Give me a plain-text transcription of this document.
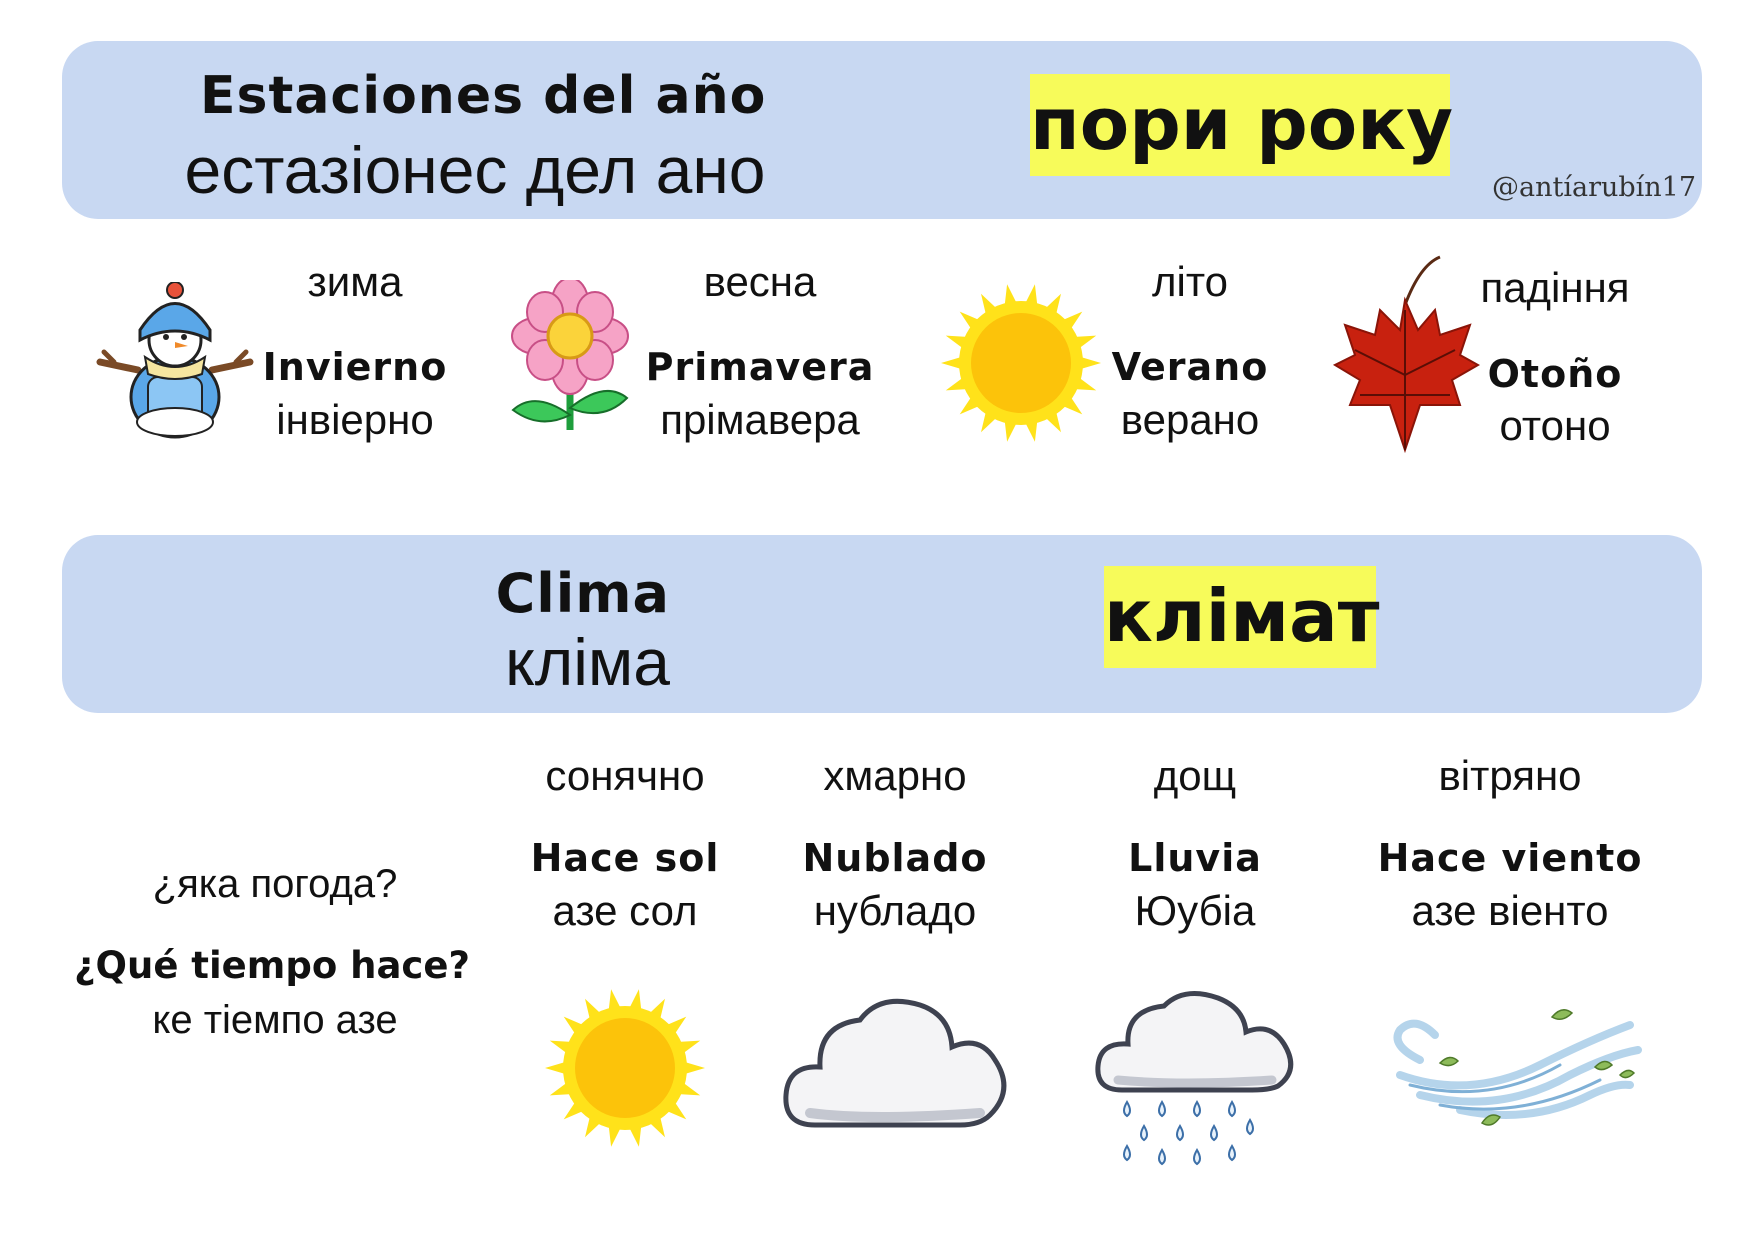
Estaciones del año
естазіонес дел ано
пори року
@antíarubín17
зима
Invierno
інвіерно
весна
Primavera
прімавера
літо
Verano
верано
падіння
Otoño
отоно
Clima
кліма
клімат
¿яка погода?
¿Qué tiempo hace?
ке тіемпо азе
сонячно
Hace sol
азе сол
хмарно
Nublado
нубладо
дощ
Lluvia
Юубіа
вітряно
Hace viento
азе віенто
